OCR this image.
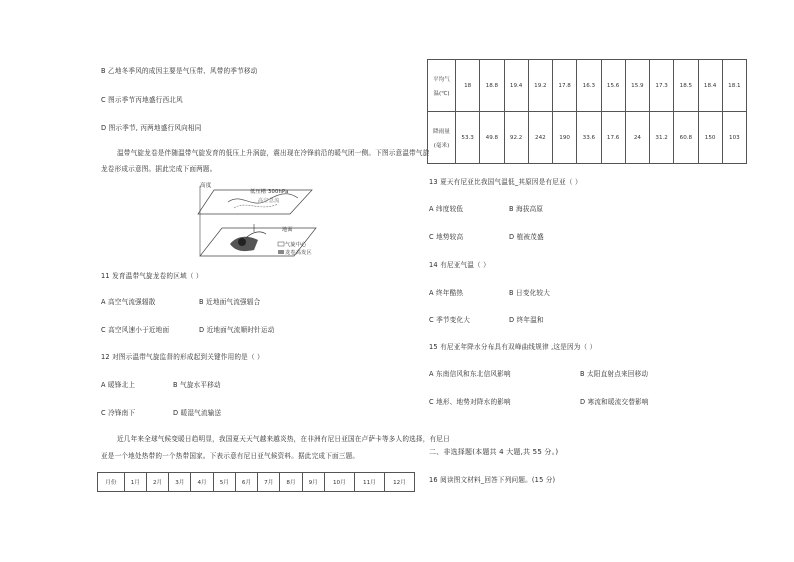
B 乙地冬季风的成因主要是气压带、风带的季节移动
C 图示季节丙地盛行西北风
D 图示季节, 丙两地盛行风向相同
温带气旋龙卷是伴随温带气旋发育的低压上升涡旋，震出现在冷锋前沿的暖气团一侧。下图示意温带气旋
龙卷形成示意图。据此完成下面两题。
高度
低压槽 300hPa
高空急流
地面
气旋中心
龙卷高发区
11 发育温带气旋龙卷的区域（ ）
A 高空气流强辐散	B 近地面气流强辐合
C 高空风速小于近地面	D 近地面气流顺时针运动
12 对图示温带气旋监督的形成起到关键作用的是（ ）
A 暖锋北上	B 气旋水平移动
C 冷锋南下	D 暖湿气流输送
近几年来全球气候变暖日趋明显，我国夏天天气越来越炎热，在非洲有尼日亚国在卢萨卡等多人的选择，有尼日
亚是一个地处热带的一个热带国家。下表示意有尼日亚气候资料。据此完成下面三题。
月份	1月	2月	3月	4月	5月	6月	7月	8月	9月	10月	11月	12月
平均气

温(℃)	18	18.8	19.4	19.2	17.8	16.3	15.6	15.9	17.3	18.5	18.4	18.1
降雨量

(毫米)	53.3	49.8	92.2	242	190	33.6	17.6	24	31.2	60.8	150	103
13 夏天有尼亚比我国气温低_其原因是有尼亚（ ）
A 纬度较低	B 海拔高原
C 地势较高	D 植被茂盛
14 有尼亚气温（ ）
A 终年酷热	B 日变化较大
C 季节变化大	D 终年温和
15 有尼亚年降水分布具有双峰曲线规律 ,这是因为（ ）
A 东南信风和东北信风影响	B 太阳直射点来回移动
C 地形、地势对降水的影响	D 寒流和暖流交替影响
二、非选择题(本题共 4 大题,共 55 分。)
16 阅读图文材料_回答下列问题。(15 分)
